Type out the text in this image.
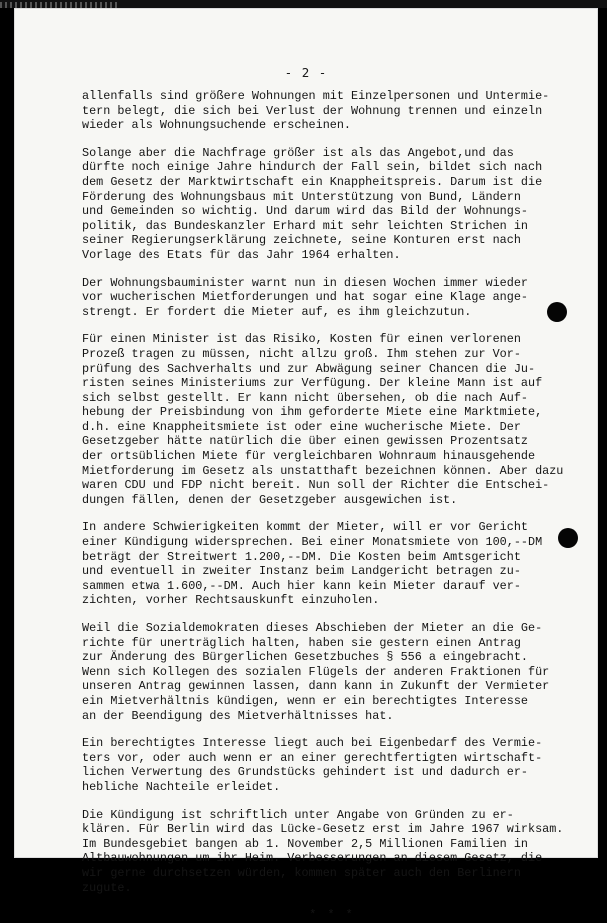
- 2 -
allenfalls sind größere Wohnungen mit Einzelpersonen und Untermie-
tern belegt, die sich bei Verlust der Wohnung trennen und einzeln
wieder als Wohnungsuchende erscheinen.
Solange aber die Nachfrage größer ist als das Angebot,und das
dürfte noch einige Jahre hindurch der Fall sein, bildet sich nach
dem Gesetz der Marktwirtschaft ein Knappheitspreis. Darum ist die
Förderung des Wohnungsbaus mit Unterstützung von Bund, Ländern
und Gemeinden so wichtig. Und darum wird das Bild der Wohnungs-
politik, das Bundeskanzler Erhard mit sehr leichten Strichen in
seiner Regierungserklärung zeichnete, seine Konturen erst nach
Vorlage des Etats für das Jahr 1964 erhalten.
Der Wohnungsbauminister warnt nun in diesen Wochen immer wieder
vor wucherischen Mietforderungen und hat sogar eine Klage ange-
strengt. Er fordert die Mieter auf, es ihm gleichzutun.
Für einen Minister ist das Risiko, Kosten für einen verlorenen
Prozeß tragen zu müssen, nicht allzu groß. Ihm stehen zur Vor-
prüfung des Sachverhalts und zur Abwägung seiner Chancen die Ju-
risten seines Ministeriums zur Verfügung. Der kleine Mann ist auf
sich selbst gestellt. Er kann nicht übersehen, ob die nach Auf-
hebung der Preisbindung von ihm geforderte Miete eine Marktmiete,
d.h. eine Knappheitsmiete ist oder eine wucherische Miete. Der
Gesetzgeber hätte natürlich die über einen gewissen Prozentsatz
der ortsüblichen Miete für vergleichbaren Wohnraum hinausgehende
Mietforderung im Gesetz als unstatthaft bezeichnen können. Aber dazu
waren CDU und FDP nicht bereit. Nun soll der Richter die Entschei-
dungen fällen, denen der Gesetzgeber ausgewichen ist.
In andere Schwierigkeiten kommt der Mieter, will er vor Gericht
einer Kündigung widersprechen. Bei einer Monatsmiete von 100,--DM
beträgt der Streitwert 1.200,--DM. Die Kosten beim Amtsgericht
und eventuell in zweiter Instanz beim Landgericht betragen zu-
sammen etwa 1.600,--DM. Auch hier kann kein Mieter darauf ver-
zichten, vorher Rechtsauskunft einzuholen.
Weil die Sozialdemokraten dieses Abschieben der Mieter an die Ge-
richte für unerträglich halten, haben sie gestern einen Antrag
zur Änderung des Bürgerlichen Gesetzbuches § 556 a eingebracht.
Wenn sich Kollegen des sozialen Flügels der anderen Fraktionen für
unseren Antrag gewinnen lassen, dann kann in Zukunft der Vermieter
ein Mietverhältnis kündigen, wenn er ein berechtigtes Interesse
an der Beendigung des Mietverhältnisses hat.
Ein berechtigtes Interesse liegt auch bei Eigenbedarf des Vermie-
ters vor, oder auch wenn er an einer gerechtfertigten wirtschaft-
lichen Verwertung des Grundstücks gehindert ist und dadurch er-
hebliche Nachteile erleidet.
Die Kündigung ist schriftlich unter Angabe von Gründen zu er-
klären. Für Berlin wird das Lücke-Gesetz erst im Jahre 1967 wirksam.
Im Bundesgebiet bangen ab 1. November 2,5 Millionen Familien in
Altbauwohnungen um ihr Heim. Verbesserungen an diesem Gesetz, die
wir gerne durchsetzen würden, kommen später auch den Berlinern
zugute.
* * *
